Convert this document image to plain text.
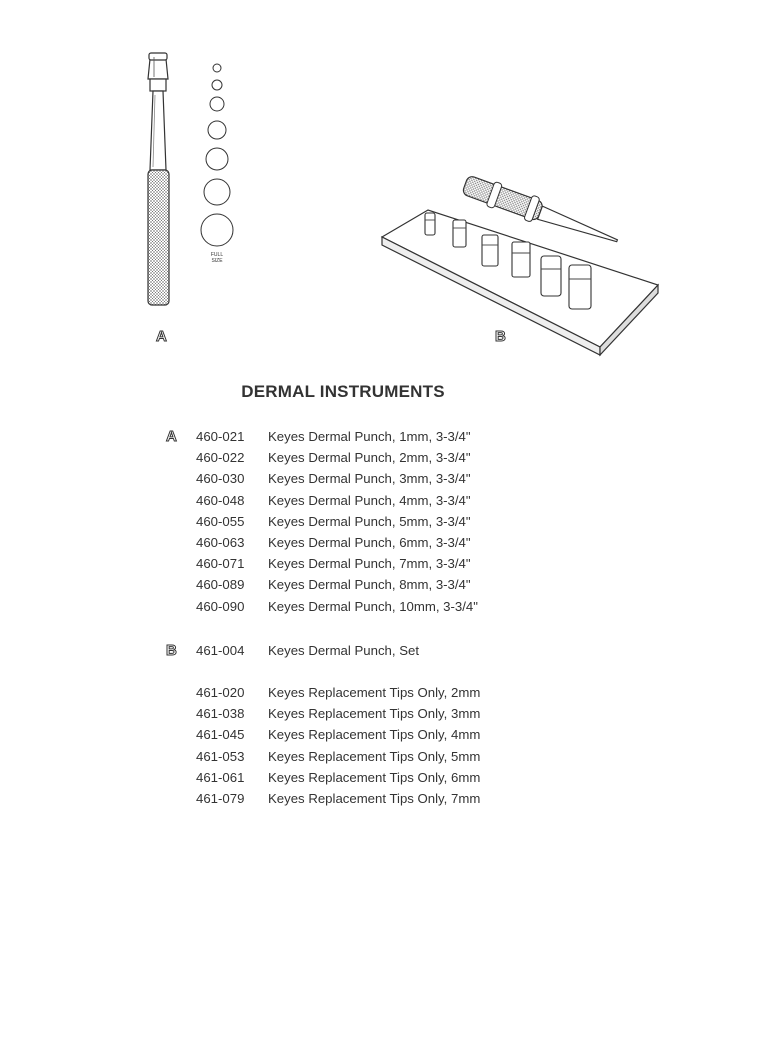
FULL
SIZE
A	B
DERMAL INSTRUMENTS
A 460-021 Keyes Dermal Punch, 1mm, 3-3/4"
460-022 Keyes Dermal Punch, 2mm, 3-3/4"
460-030 Keyes Dermal Punch, 3mm, 3-3/4"
460-048 Keyes Dermal Punch, 4mm, 3-3/4"
460-055 Keyes Dermal Punch, 5mm, 3-3/4"
460-063 Keyes Dermal Punch, 6mm, 3-3/4"
460-071 Keyes Dermal Punch, 7mm, 3-3/4"
460-089 Keyes Dermal Punch, 8mm, 3-3/4"
460-090 Keyes Dermal Punch, 10mm, 3-3/4"
B 461-004 Keyes Dermal Punch, Set
461-020 Keyes Replacement Tips Only, 2mm
461-038 Keyes Replacement Tips Only, 3mm
461-045 Keyes Replacement Tips Only, 4mm
461-053 Keyes Replacement Tips Only, 5mm
461-061 Keyes Replacement Tips Only, 6mm
461-079 Keyes Replacement Tips Only, 7mm
